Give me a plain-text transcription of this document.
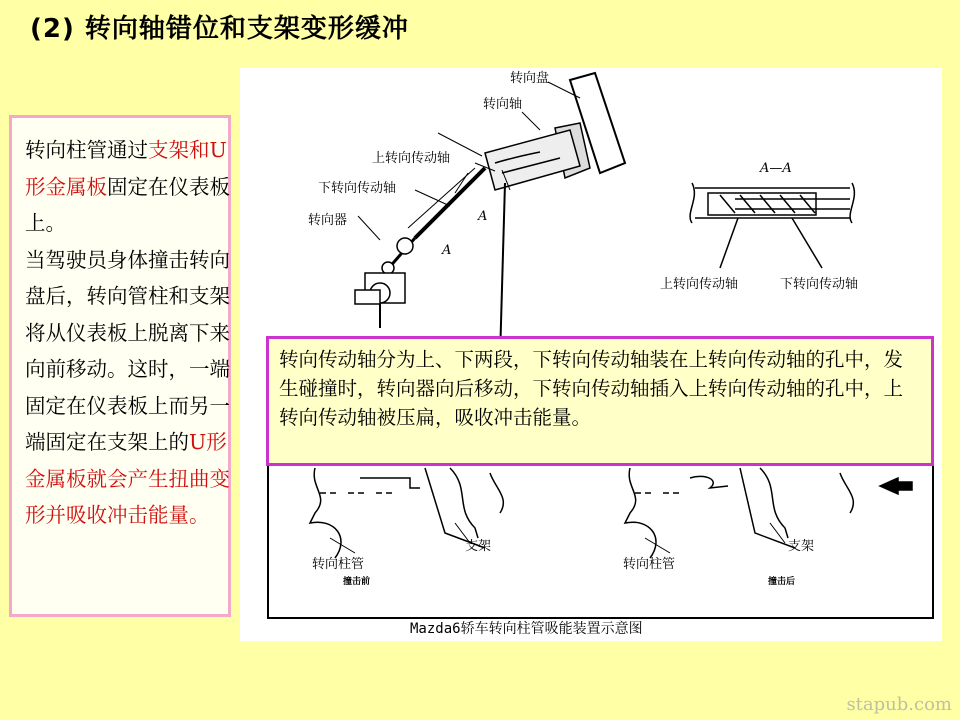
(2) 转向轴错位和支架变形缓冲
转向柱管通过支架和U形金属板固定在仪表板上。
当驾驶员身体撞击转向盘后，转向管柱和支架将从仪表板上脱离下来向前移动。这时，一端固定在仪表板上而另一端固定在支架上的U形金属板就会产生扭曲变形并吸收冲击能量。
转向盘
转向轴
上转向传动轴
下转向传动轴
转向器	A
A
A—A
上转向传动轴	下转向传动轴
转向柱管
支架
撞击前
转向柱管
支架
撞击后
Mazda6轿车转向柱管吸能装置示意图
转向传动轴分为上、下两段，下转向传动轴装在上转向传动轴的孔中，发生碰撞时，转向器向后移动，下转向传动轴插入上转向传动轴的孔中，上转向传动轴被压扁，吸收冲击能量。
stapub.com
